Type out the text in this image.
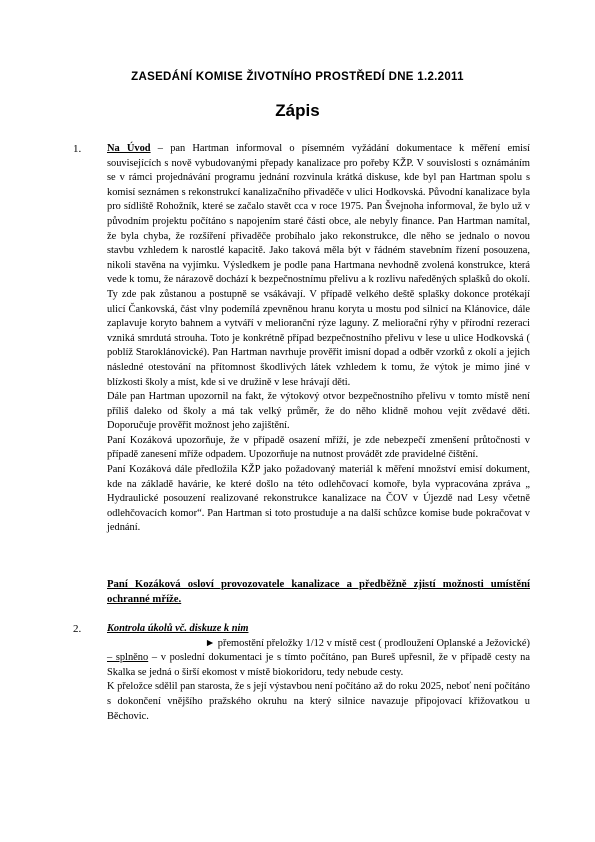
ZASEDÁNÍ KOMISE ŽIVOTNÍHO PROSTŘEDÍ DNE 1.2.2011
Zápis
1. Na Úvod – pan Hartman informoval o písemném vyžádání dokumentace k měření emisí souvisejících s nově vybudovanými přepady kanalizace pro pořeby KŽP. V souvislosti s oznámáním se v rámci projednávání programu jednání rozvinula krátká diskuse, kde byl pan Hartman spolu s komisí seznámen s rekonstrukcí kanalizačního přivaděče v ulici Hodkovská. Původní kanalizace byla pro sídliště Rohožník, které se začalo stavět cca v roce 1975. Pan Švejnoha informoval, že bylo už v původním projektu počítáno s napojením staré části obce, ale nebyly finance. Pan Hartman namítal, že byla chyba, že rozšíření přivaděče probíhalo jako rekonstrukce, dle něho se jednalo o novou stavbu vzhledem k narostlé kapacitě. Jako taková měla být v řádném stavebním řízení posouzena, nikoli stavěna na vyjímku. Výsledkem je podle pana Hartmana nevhodně zvolená konstrukce, která vede k tomu, že nárazově dochází k bezpečnostnímu přelivu a k rozlivu naředěných splašků do okolí. Ty zde pak zůstanou a postupně se vsákávají. V případě velkého deště splašky dokonce protékají ulicí Čankovská, část vlny podemílá zpevněnou hranu koryta u mostu pod silnicí na Klánovice, dále zaplavuje koryto bahnem a vytváří v melioranční rýze laguny. Z meliorační rýhy v přírodní rezeraci vzniká smrdutá strouha. Toto je konkrétně případ bezpečnostního přelivu v lese u ulice Hodkovská ( poblíž Staroklánovické). Pan Hartman navrhuje prověřit imisní dopad a odběr vzorků z okolí a jejich následné otestování na přítomnost škodlivých látek vzhledem k tomu, že výtok je mimo jiné v blízkosti školy a míst, kde si ve družině v lese hrávají děti.

Dále pan Hartman upozornil na fakt, že výtokový otvor bezpečnostního přelivu v tomto místě není příliš daleko od školy a má tak velký průměr, že do něho klidně mohou vejít zvědavé děti. Doporučuje prověřit možnost jeho zajištění.

Paní Kozáková upozorňuje, že v případě osazení mříží, je zde nebezpečí zmenšení průtočnosti v případě zanesení mříže odpadem. Upozorňuje na nutnost provádět zde pravidelné čištění.

Paní Kozáková dále předložila KŽP jako požadovaný materiál k měření množství emisí dokument, kde na základě havárie, ke které došlo na této odlehčovací komoře, byla vypracována zpráva „ Hydraulické posouzení realizované rekonstrukce kanalizace na ČOV v Újezdě nad Lesy včetně odlehčovacích komor“. Pan Hartman si toto prostuduje a na další schůzce komise bude pokračovat v jednání.

Paní Kozáková osloví provozovatele kanalizace a předběžně zjistí možnosti umístění ochranné mříže.
2. Kontrola úkolů vč. diskuze k nim

► přemostění přeložky 1/12 v místě cest ( prodloužení Oplanské a Ježovické)

– splněno – v poslední dokumentaci je s tímto počítáno, pan Bureš upřesnil, že v případě cesty na Skalka se jedná o širší ekomost v místě biokoridoru, tedy nebude cesty.

K přeložce sdělil pan starosta, že s její výstavbou není počítáno až do roku 2025, neboť není počítáno s dokončení vnějšího pražského okruhu na který silnice navazuje připojovací křižovatkou u Běchovic.
